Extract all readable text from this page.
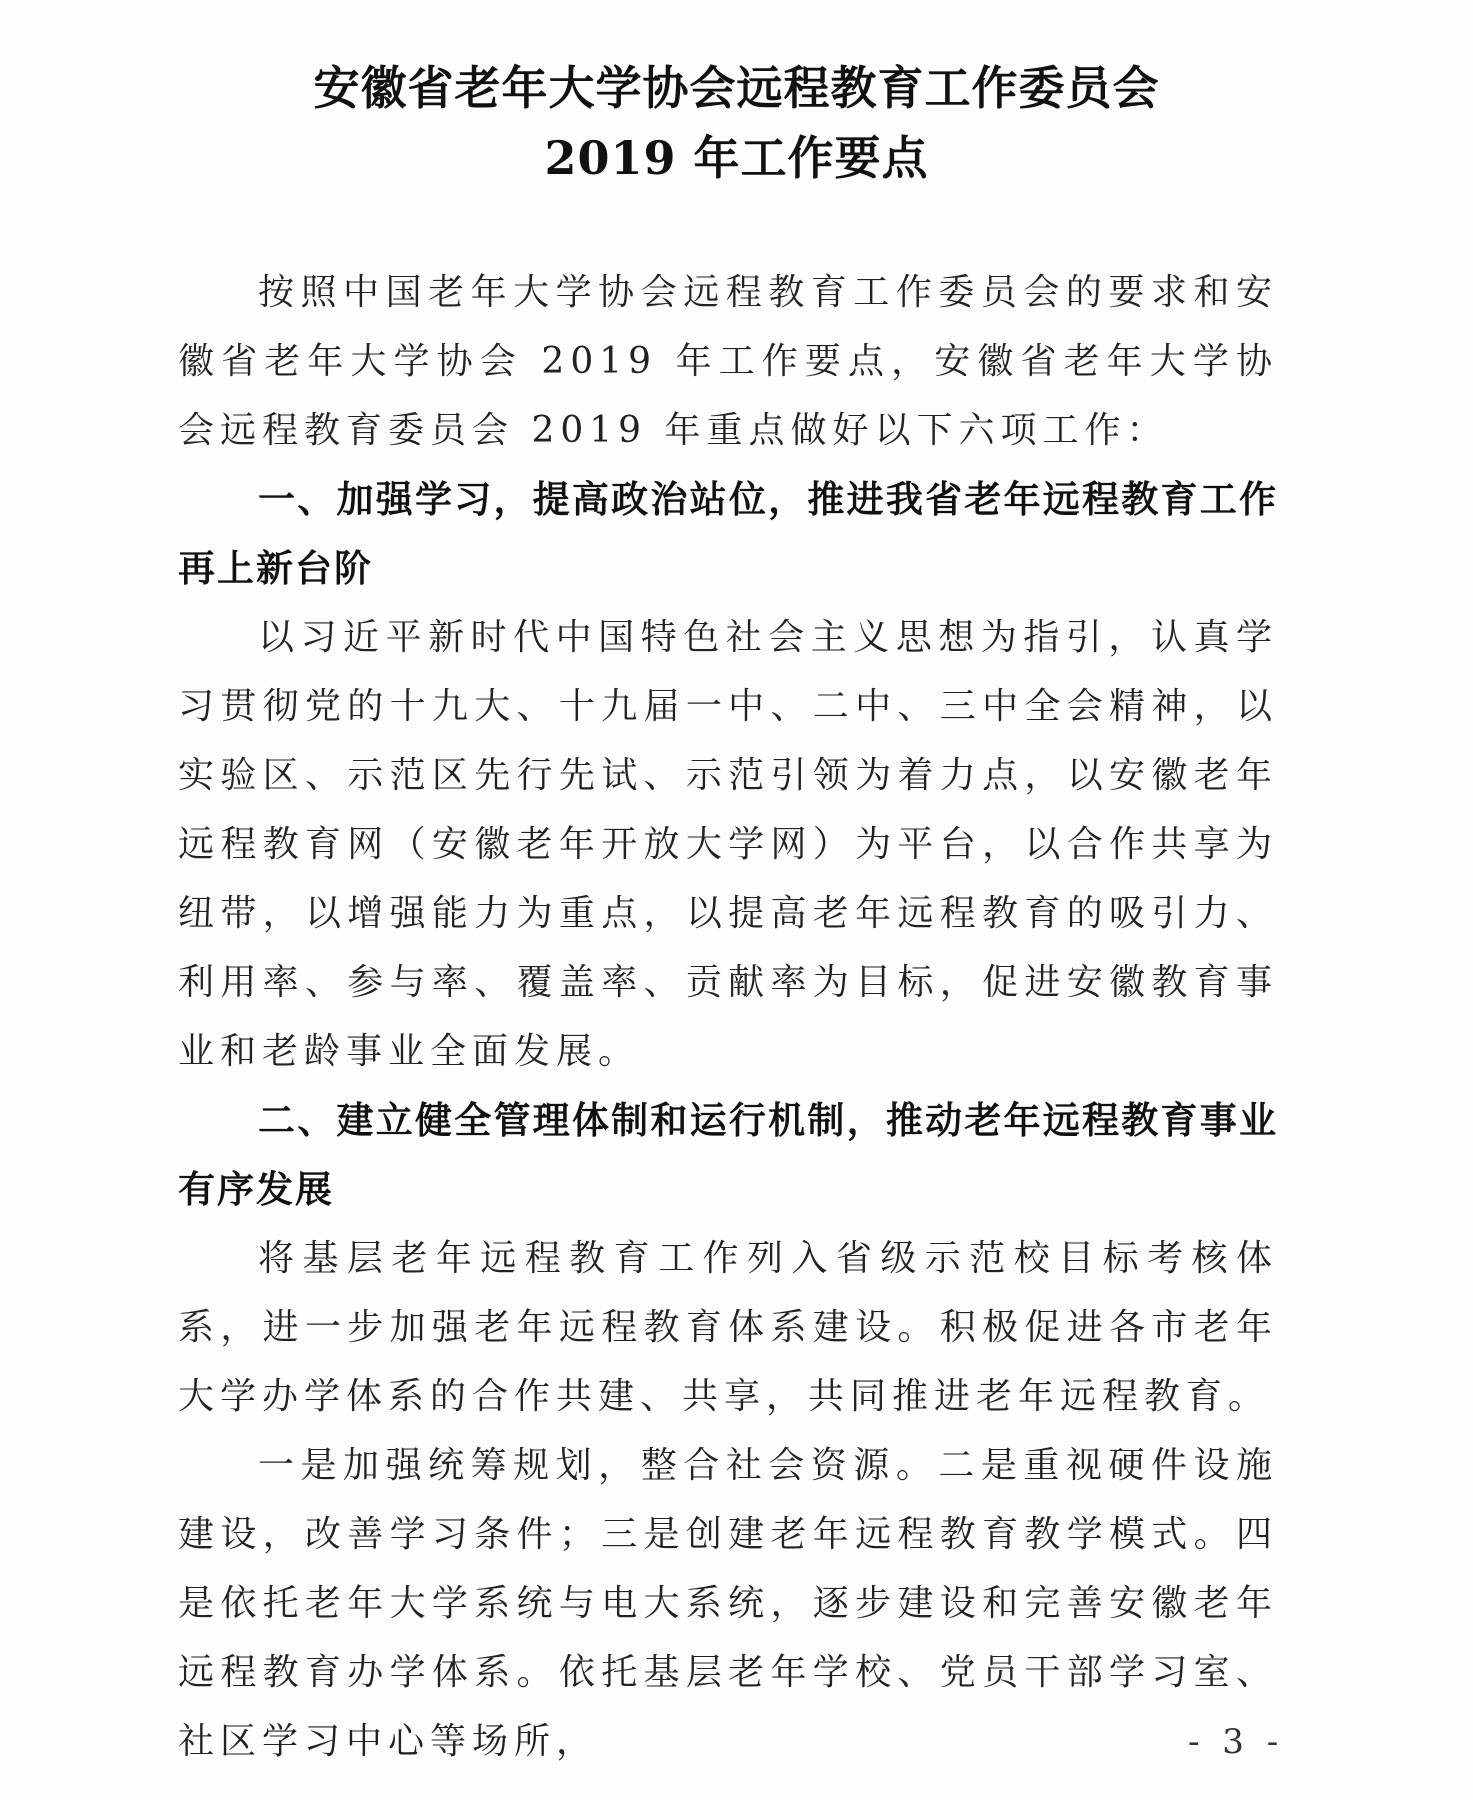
安徽省老年大学协会远程教育工作委员会
2019 年工作要点

按照中国老年大学协会远程教育工作委员会的要求和安徽省老年大学协会 2019 年工作要点，安徽省老年大学协会远程教育委员会 2019 年重点做好以下六项工作：

一、加强学习，提高政治站位，推进我省老年远程教育工作再上新台阶

以习近平新时代中国特色社会主义思想为指引，认真学习贯彻党的十九大、十九届一中、二中、三中全会精神，以实验区、示范区先行先试、示范引领为着力点，以安徽老年远程教育网（安徽老年开放大学网）为平台，以合作共享为纽带，以增强能力为重点，以提高老年远程教育的吸引力、利用率、参与率、覆盖率、贡献率为目标，促进安徽教育事业和老龄事业全面发展。

二、建立健全管理体制和运行机制，推动老年远程教育事业有序发展

将基层老年远程教育工作列入省级示范校目标考核体系，进一步加强老年远程教育体系建设。积极促进各市老年大学办学体系的合作共建、共享，共同推进老年远程教育。

一是加强统筹规划，整合社会资源。二是重视硬件设施建设，改善学习条件；三是创建老年远程教育教学模式。四是依托老年大学系统与电大系统，逐步建设和完善安徽老年远程教育办学体系。依托基层老年学校、党员干部学习室、社区学习中心等场所，	- 3 -
